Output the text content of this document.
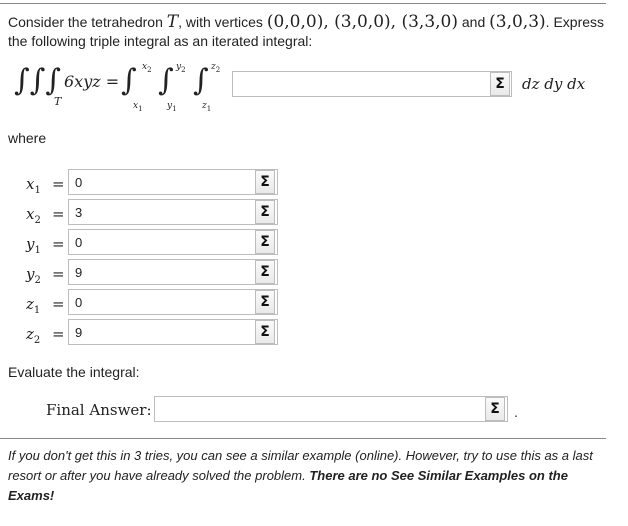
Consider the tetrahedron T, with vertices (0,0,0), (3,0,0), (3,3,0) and (3,0,3). Express
the following triple integral as an iterated integral:
∫∫∫
T
6xyz = ∫ $x_2$
$x_1$
∫ $y_2$
$y_1$
∫ $z_2$
$z_1$
Σ	dz dy dx
where
$x_1$ =
0	Σ
$x_2$ =
3	Σ
$y_1$ =
0	Σ
$y_2$ =
9	Σ
$z_1$ =
0	Σ
$z_2$ =
9	Σ
Evaluate the integral:
Final Answer:	Σ	.
If you don't get this in 3 tries, you can see a similar example (online). However, try to use this as a last resort or after you have already solved the problem. There are no See Similar Examples on the Exams!
